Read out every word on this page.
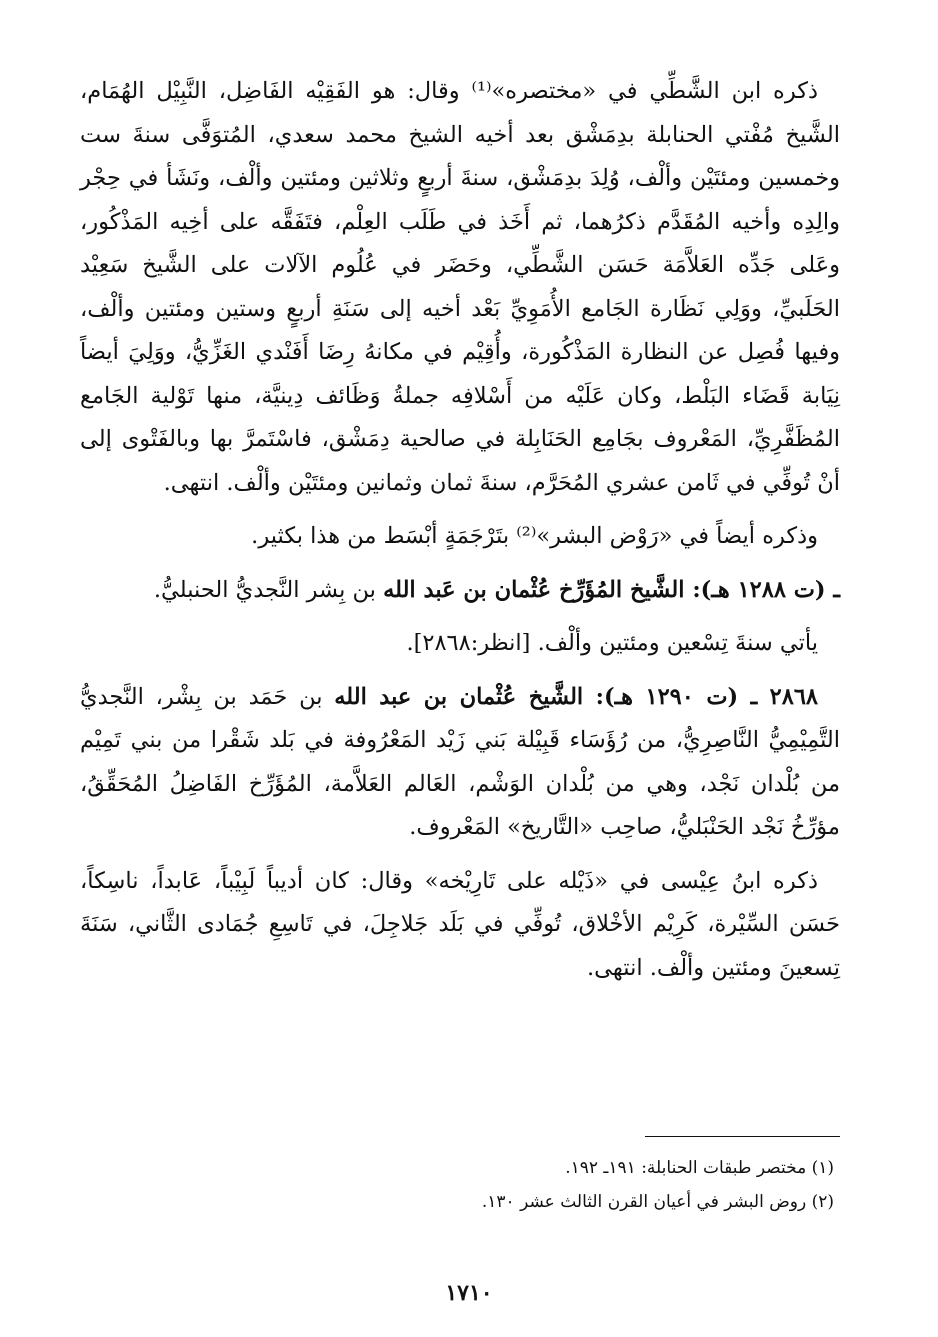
ذكره ابن الشَّطِّي في «مختصره»⁽¹⁾ وقال: هو الفَقِيْه الفَاضِل، النَّبِيْل الهُمَام، الشَّيخ مُفْتي الحنابلة بدِمَشْق بعد أخيه الشيخ محمد سعدي، المُتوَفَّى سنةَ ست وخمسين ومئتَيْن وألْف، وُلِدَ بدِمَشْق، سنةَ أربعٍ وثلاثين ومئتين وألْف، ونَشَأ في حِجْر والِدِه وأخيه المُقَدَّم ذكرُهما، ثم أَخَذ في طَلَب العِلْم، فتَفَقَّه على أخِيه المَذْكُور، وعَلى جَدِّه العَلاَّمَة حَسَن الشَّطِّي، وحَضَر في عُلُوم الآلات على الشَّيخ سَعِيْد الحَلَبيِّ، ووَلِي نَظَارة الجَامع الأُمَوِيِّ بَعْد أخيه إلى سَنَةِ أربعٍ وستين ومئتين وألْف، وفيها فُصِل عن النظارة المَذْكُورة، وأُقِيْم في مكانهُ رِضَا أَفَنْدي الغَزِّيُّ، ووَلِيَ أيضاً نِيَابة قَضَاء البَلْط، وكان عَلَيْه من أَسْلافِه جملةُ وَظَائف دِينيَّة، منها تَوْلية الجَامع المُظَفَّرِيِّ، المَعْروف بجَامِع الحَنَابِلة في صالحية دِمَشْق، فاسْتَمرَّ بها وبالفَتْوى إلى أنْ تُوفِّي في ثَامن عشري المُحَرَّم، سنةَ ثمان وثمانين ومئتَيْن وألْف. انتهى.

وذكره أيضاً في «رَوْض البشر»⁽²⁾ بتَرْجَمَةٍ أبْسَط من هذا بكثير.

ـ (ت ١٢٨٨ هـ): الشَّيخ المُؤَرِّخ عُثْمان بن عَبد الله بن بِشر النَّجديُّ الحنبليُّ.

يأتي سنةَ تِسْعين ومئتين وألْف. [انظر:٢٨٦٨].

٢٨٦٨ ـ (ت ١٢٩٠ هـ): الشَّيخ عُثْمان بن عبد الله بن حَمَد بن بِشْر، النَّجديُّ التَّمِيْمِيُّ النَّاصِرِيُّ، من رُؤَسَاء قَبِيْلة بَني زَيْد المَعْرُوفة في بَلد شَقْرا من بني تَمِيْم من بُلْدان نَجْد، وهي من بُلْدان الوَشْم، العَالم العَلاَّمة، المُؤَرِّخ الفَاضِلُ المُحَقِّقُ، مؤرِّخُ نَجْد الحَنْبَليُّ، صاحِب «التَّاريخ» المَعْروف.

ذكره ابنُ عِيْسى في «ذَيْله على تَارِيْخه» وقال: كان أديباً لَبِيْباً، عَابداً، ناسِكاً، حَسَن السِّيْرة، كَرِيْم الأخْلاق، تُوفِّي في بَلَد جَلاجِلَ، في تَاسِعِ جُمَادى الثَّاني، سَنَةَ تِسعينَ ومئتين وألْف. انتهى.

(١) مختصر طبقات الحنابلة: ١٩١ـ ١٩٢.

(٢) روض البشر في أعيان القرن الثالث عشر ١٣٠.

١٧١٠
